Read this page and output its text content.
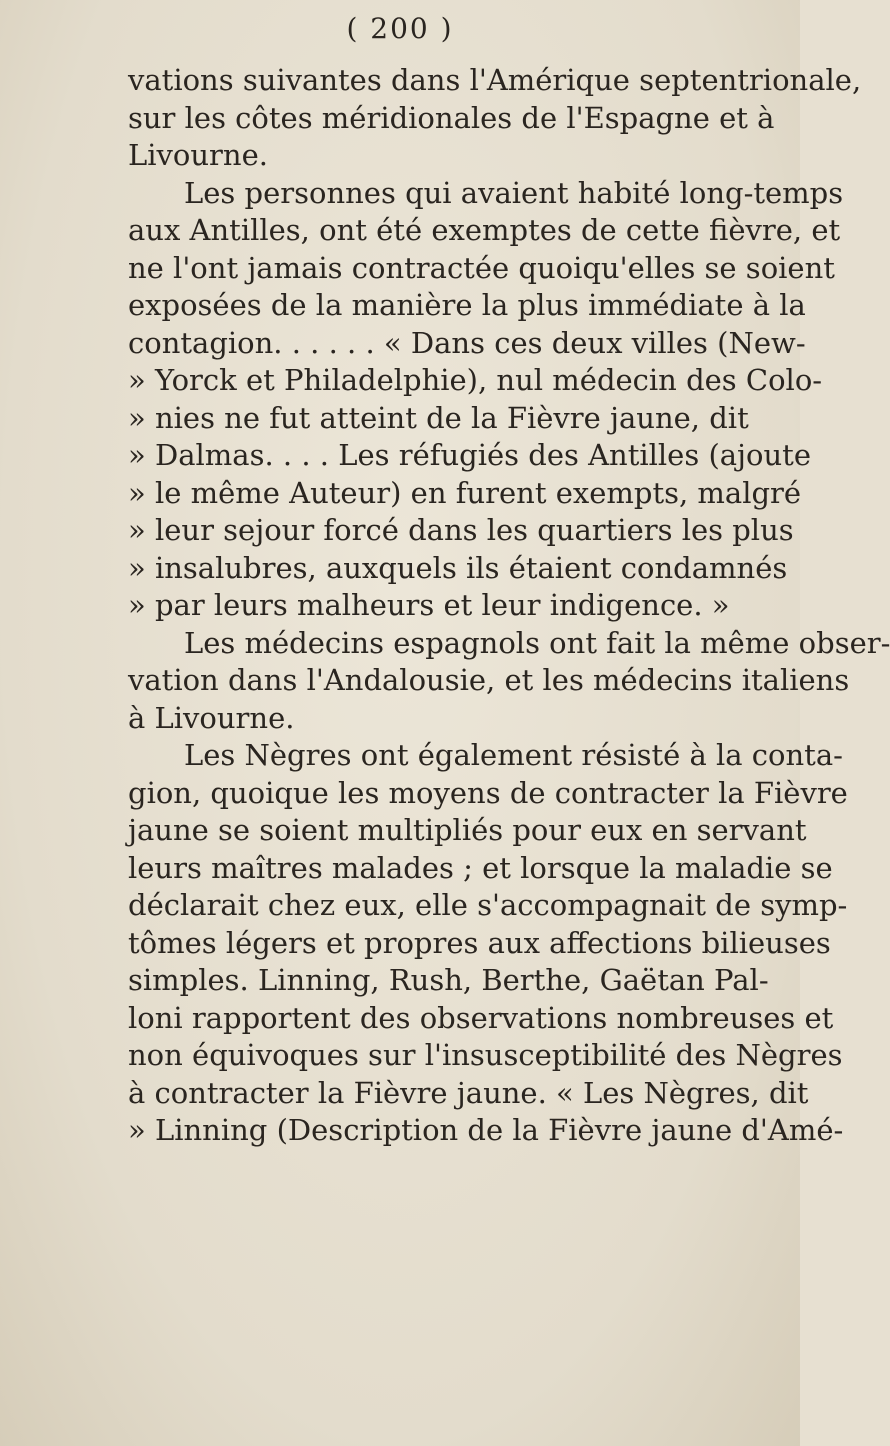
( 200 )
vations suivantes dans l'Amérique septentrionale,
sur les côtes méridionales de l'Espagne et à
Livourne.
Les personnes qui avaient habité long-temps
aux Antilles, ont été exemptes de cette fièvre, et
ne l'ont jamais contractée quoiqu'elles se soient
exposées de la manière la plus immédiate à la
contagion. . . . . . « Dans ces deux villes (New-
» Yorck et Philadelphie), nul médecin des Colo-
» nies ne fut atteint de la Fièvre jaune, dit
» Dalmas. . . . Les réfugiés des Antilles (ajoute
» le même Auteur) en furent exempts, malgré
» leur sejour forcé dans les quartiers les plus
» insalubres, auxquels ils étaient condamnés
» par leurs malheurs et leur indigence. »
Les médecins espagnols ont fait la même obser-
vation dans l'Andalousie, et les médecins italiens
à Livourne.
Les Nègres ont également résisté à la conta-
gion, quoique les moyens de contracter la Fièvre
jaune se soient multipliés pour eux en servant
leurs maîtres malades ; et lorsque la maladie se
déclarait chez eux, elle s'accompagnait de symp-
tômes légers et propres aux affections bilieuses
simples. Linning, Rush, Berthe, Gaëtan Pal-
loni rapportent des observations nombreuses et
non équivoques sur l'insusceptibilité des Nègres
à contracter la Fièvre jaune. « Les Nègres, dit
» Linning (Description de la Fièvre jaune d'Amé-
